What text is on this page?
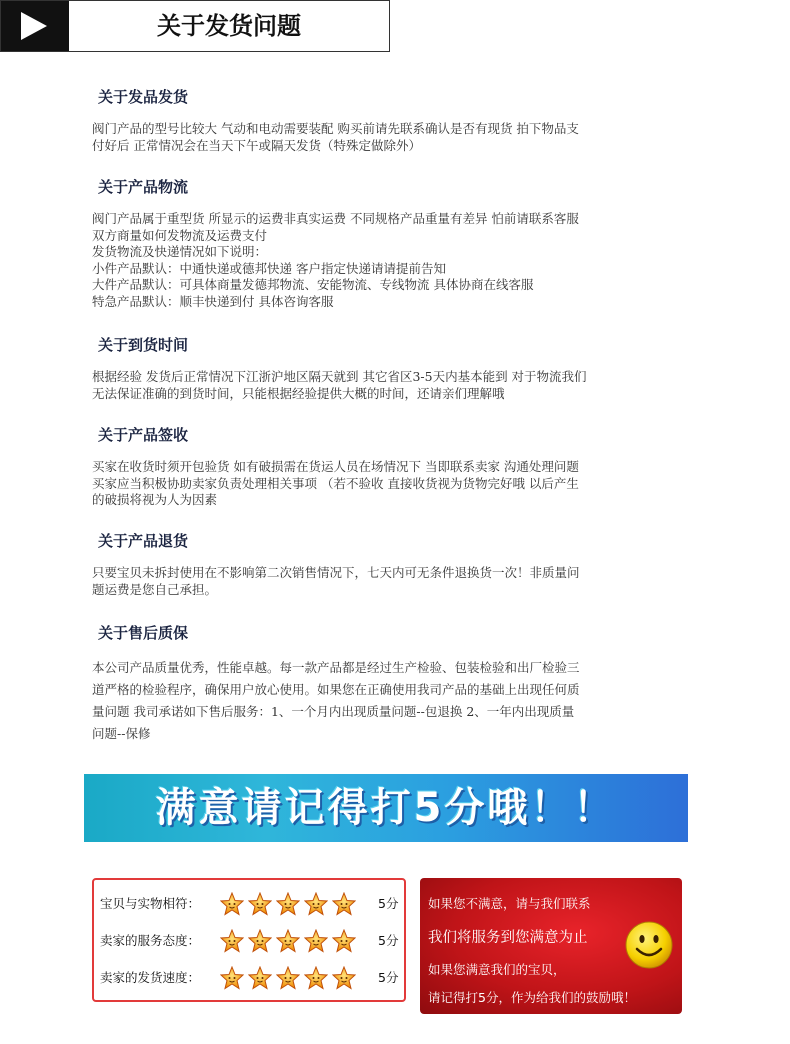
关于发货问题
关于发品发货

阀门产品的型号比较大 气动和电动需要装配 购买前请先联系确认是否有现货 拍下物品支

付好后 正常情况会在当天下午或隔天发货（特殊定做除外）

关于产品物流

阀门产品属于重型货 所显示的运费非真实运费 不同规格产品重量有差异 怕前请联系客服

双方商量如何发物流及运费支付

发货物流及快递情况如下说明：

小件产品默认：中通快递或德邦快递 客户指定快递请请提前告知

大件产品默认：可具体商量发德邦物流、安能物流、专线物流 具体协商在线客服

特急产品默认：顺丰快递到付 具体咨询客服

关于到货时间

根据经验 发货后正常情况下江浙沪地区隔天就到 其它省区3-5天内基本能到 对于物流我们

无法保证准确的到货时间，只能根据经验提供大概的时间，还请亲们理解哦

关于产品签收

买家在收货时须开包验货 如有破损需在货运人员在场情况下 当即联系卖家 沟通处理问题

买家应当积极协助卖家负责处理相关事项 （若不验收 直接收货视为货物完好哦 以后产生

的破损将视为人为因素

关于产品退货

只要宝贝未拆封使用在不影响第二次销售情况下，七天内可无条件退换货一次！非质量问

题运费是您自己承担。

关于售后质保

本公司产品质量优秀，性能卓越。每一款产品都是经过生产检验、包装检验和出厂检验三

道严格的检验程序，确保用户放心使用。如果您在正确使用我司产品的基础上出现任何质

量问题 我司承诺如下售后服务：1、一个月内出现质量问题--包退换 2、一年内出现质量

问题--保修

满意请记得打5分哦！！
宝贝与实物相符：	5分
卖家的服务态度：	5分
卖家的发货速度：	5分
如果您不满意，请与我们联系
我们将服务到您满意为止
如果您满意我们的宝贝，
请记得打5分，作为给我们的鼓励哦！
